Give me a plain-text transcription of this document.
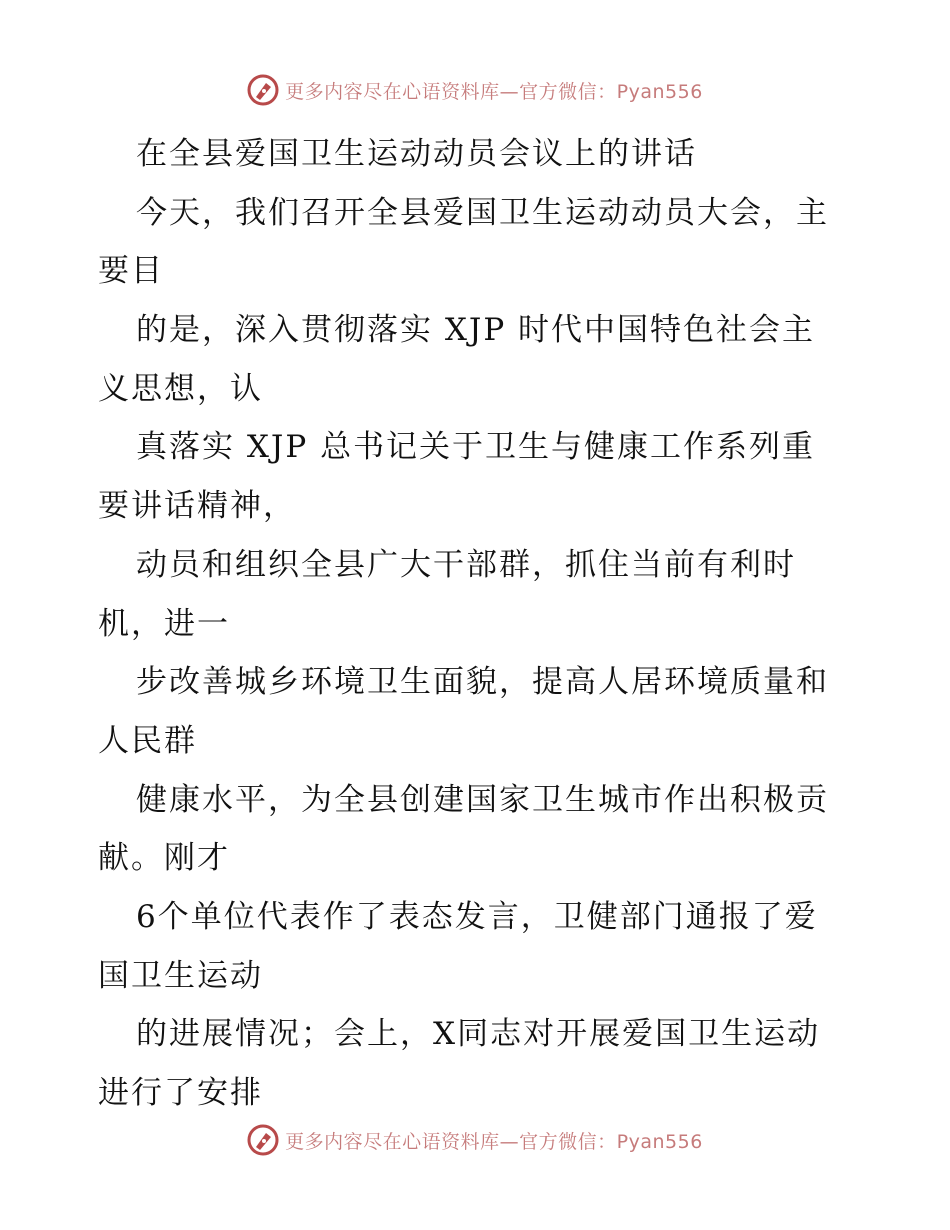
更多内容尽在心语资料库—官方微信：Pyan556
在全县爱国卫生运动动员会议上的讲话
今天，我们召开全县爱国卫生运动动员大会，主
要目
的是，深入贯彻落实 XJP 时代中国特色社会主
义思想，认
真落实 XJP 总书记关于卫生与健康工作系列重
要讲话精神，
动员和组织全县广大干部群，抓住当前有利时
机，进一
步改善城乡环境卫生面貌，提高人居环境质量和
人民群
健康水平，为全县创建国家卫生城市作出积极贡
献。刚才
6个单位代表作了表态发言，卫健部门通报了爱
国卫生运动
的进展情况；会上，X同志对开展爱国卫生运动
进行了安排
更多内容尽在心语资料库—官方微信：Pyan556
